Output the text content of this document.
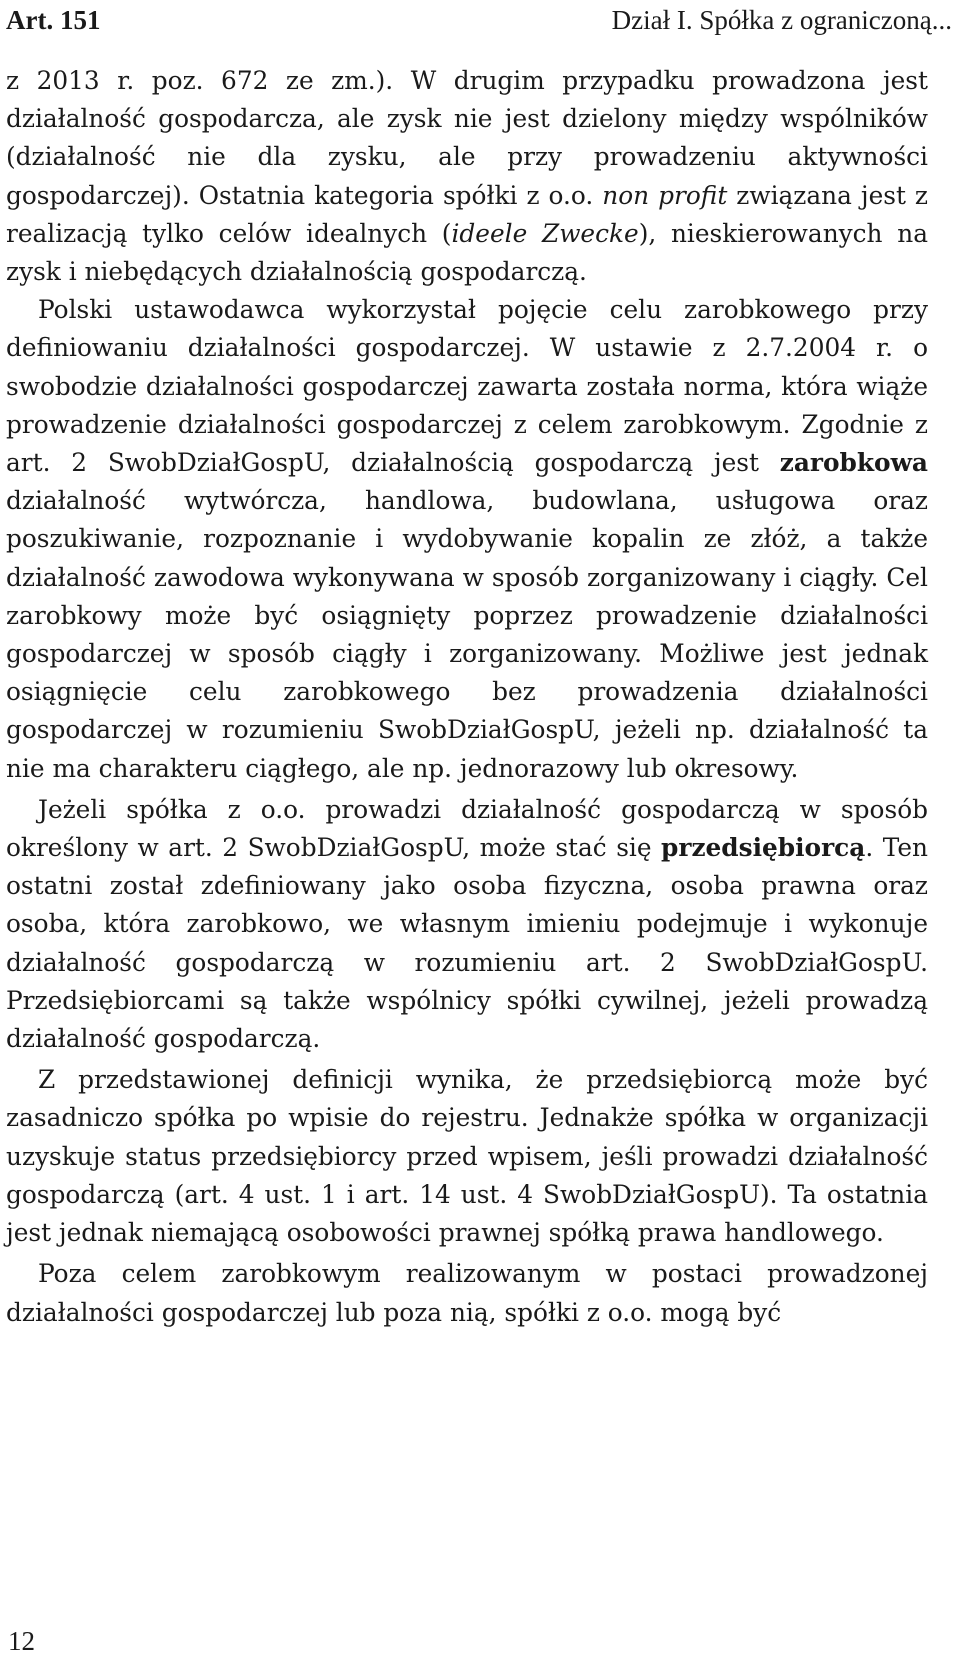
Art. 151	Dział I. Spółka z ograniczoną...

z 2013 r. poz. 672 ze zm.). W drugim przypadku prowadzona jest działalność gospodarcza, ale zysk nie jest dzielony między wspólników (działalność nie dla zysku, ale przy prowadzeniu aktywności gospodarczej). Ostatnia kategoria spółki z o.o. non profit związana jest z realizacją tylko celów idealnych (ideele Zwecke), nieskierowanych na zysk i niebędących działalnością gospodarczą.

Polski ustawodawca wykorzystał pojęcie celu zarobkowego przy definiowaniu działalności gospodarczej. W ustawie z 2.7.2004 r. o swobodzie działalności gospodarczej zawarta została norma, która wiąże prowadzenie działalności gospodarczej z celem zarobkowym. Zgodnie z art. 2 SwobDziałGospU, działalnością gospodarczą jest zarobkowa działalność wytwórcza, handlowa, budowlana, usługowa oraz poszukiwanie, rozpoznanie i wydobywanie kopalin ze złóż, a także działalność zawodowa wykonywana w sposób zorganizowany i ciągły. Cel zarobkowy może być osiągnięty poprzez prowadzenie działalności gospodarczej w sposób ciągły i zorganizowany. Możliwe jest jednak osiągnięcie celu zarobkowego bez prowadzenia działalności gospodarczej w rozumieniu SwobDziałGospU, jeżeli np. działalność ta nie ma charakteru ciągłego, ale np. jednorazowy lub okresowy.

Jeżeli spółka z o.o. prowadzi działalność gospodarczą w sposób określony w art. 2 SwobDziałGospU, może stać się przedsiębiorcą. Ten ostatni został zdefiniowany jako osoba fizyczna, osoba prawna oraz osoba, która zarobkowo, we własnym imieniu podejmuje i wykonuje działalność gospodarczą w rozumieniu art. 2 SwobDziałGospU. Przedsiębiorcami są także wspólnicy spółki cywilnej, jeżeli prowadzą działalność gospodarczą.

Z przedstawionej definicji wynika, że przedsiębiorcą może być zasadniczo spółka po wpisie do rejestru. Jednakże spółka w organizacji uzyskuje status przedsiębiorcy przed wpisem, jeśli prowadzi działalność gospodarczą (art. 4 ust. 1 i art. 14 ust. 4 SwobDziałGospU). Ta ostatnia jest jednak niemającą osobowości prawnej spółką prawa handlowego.

Poza celem zarobkowym realizowanym w postaci prowadzonej działalności gospodarczej lub poza nią, spółki z o.o. mogą być

12
